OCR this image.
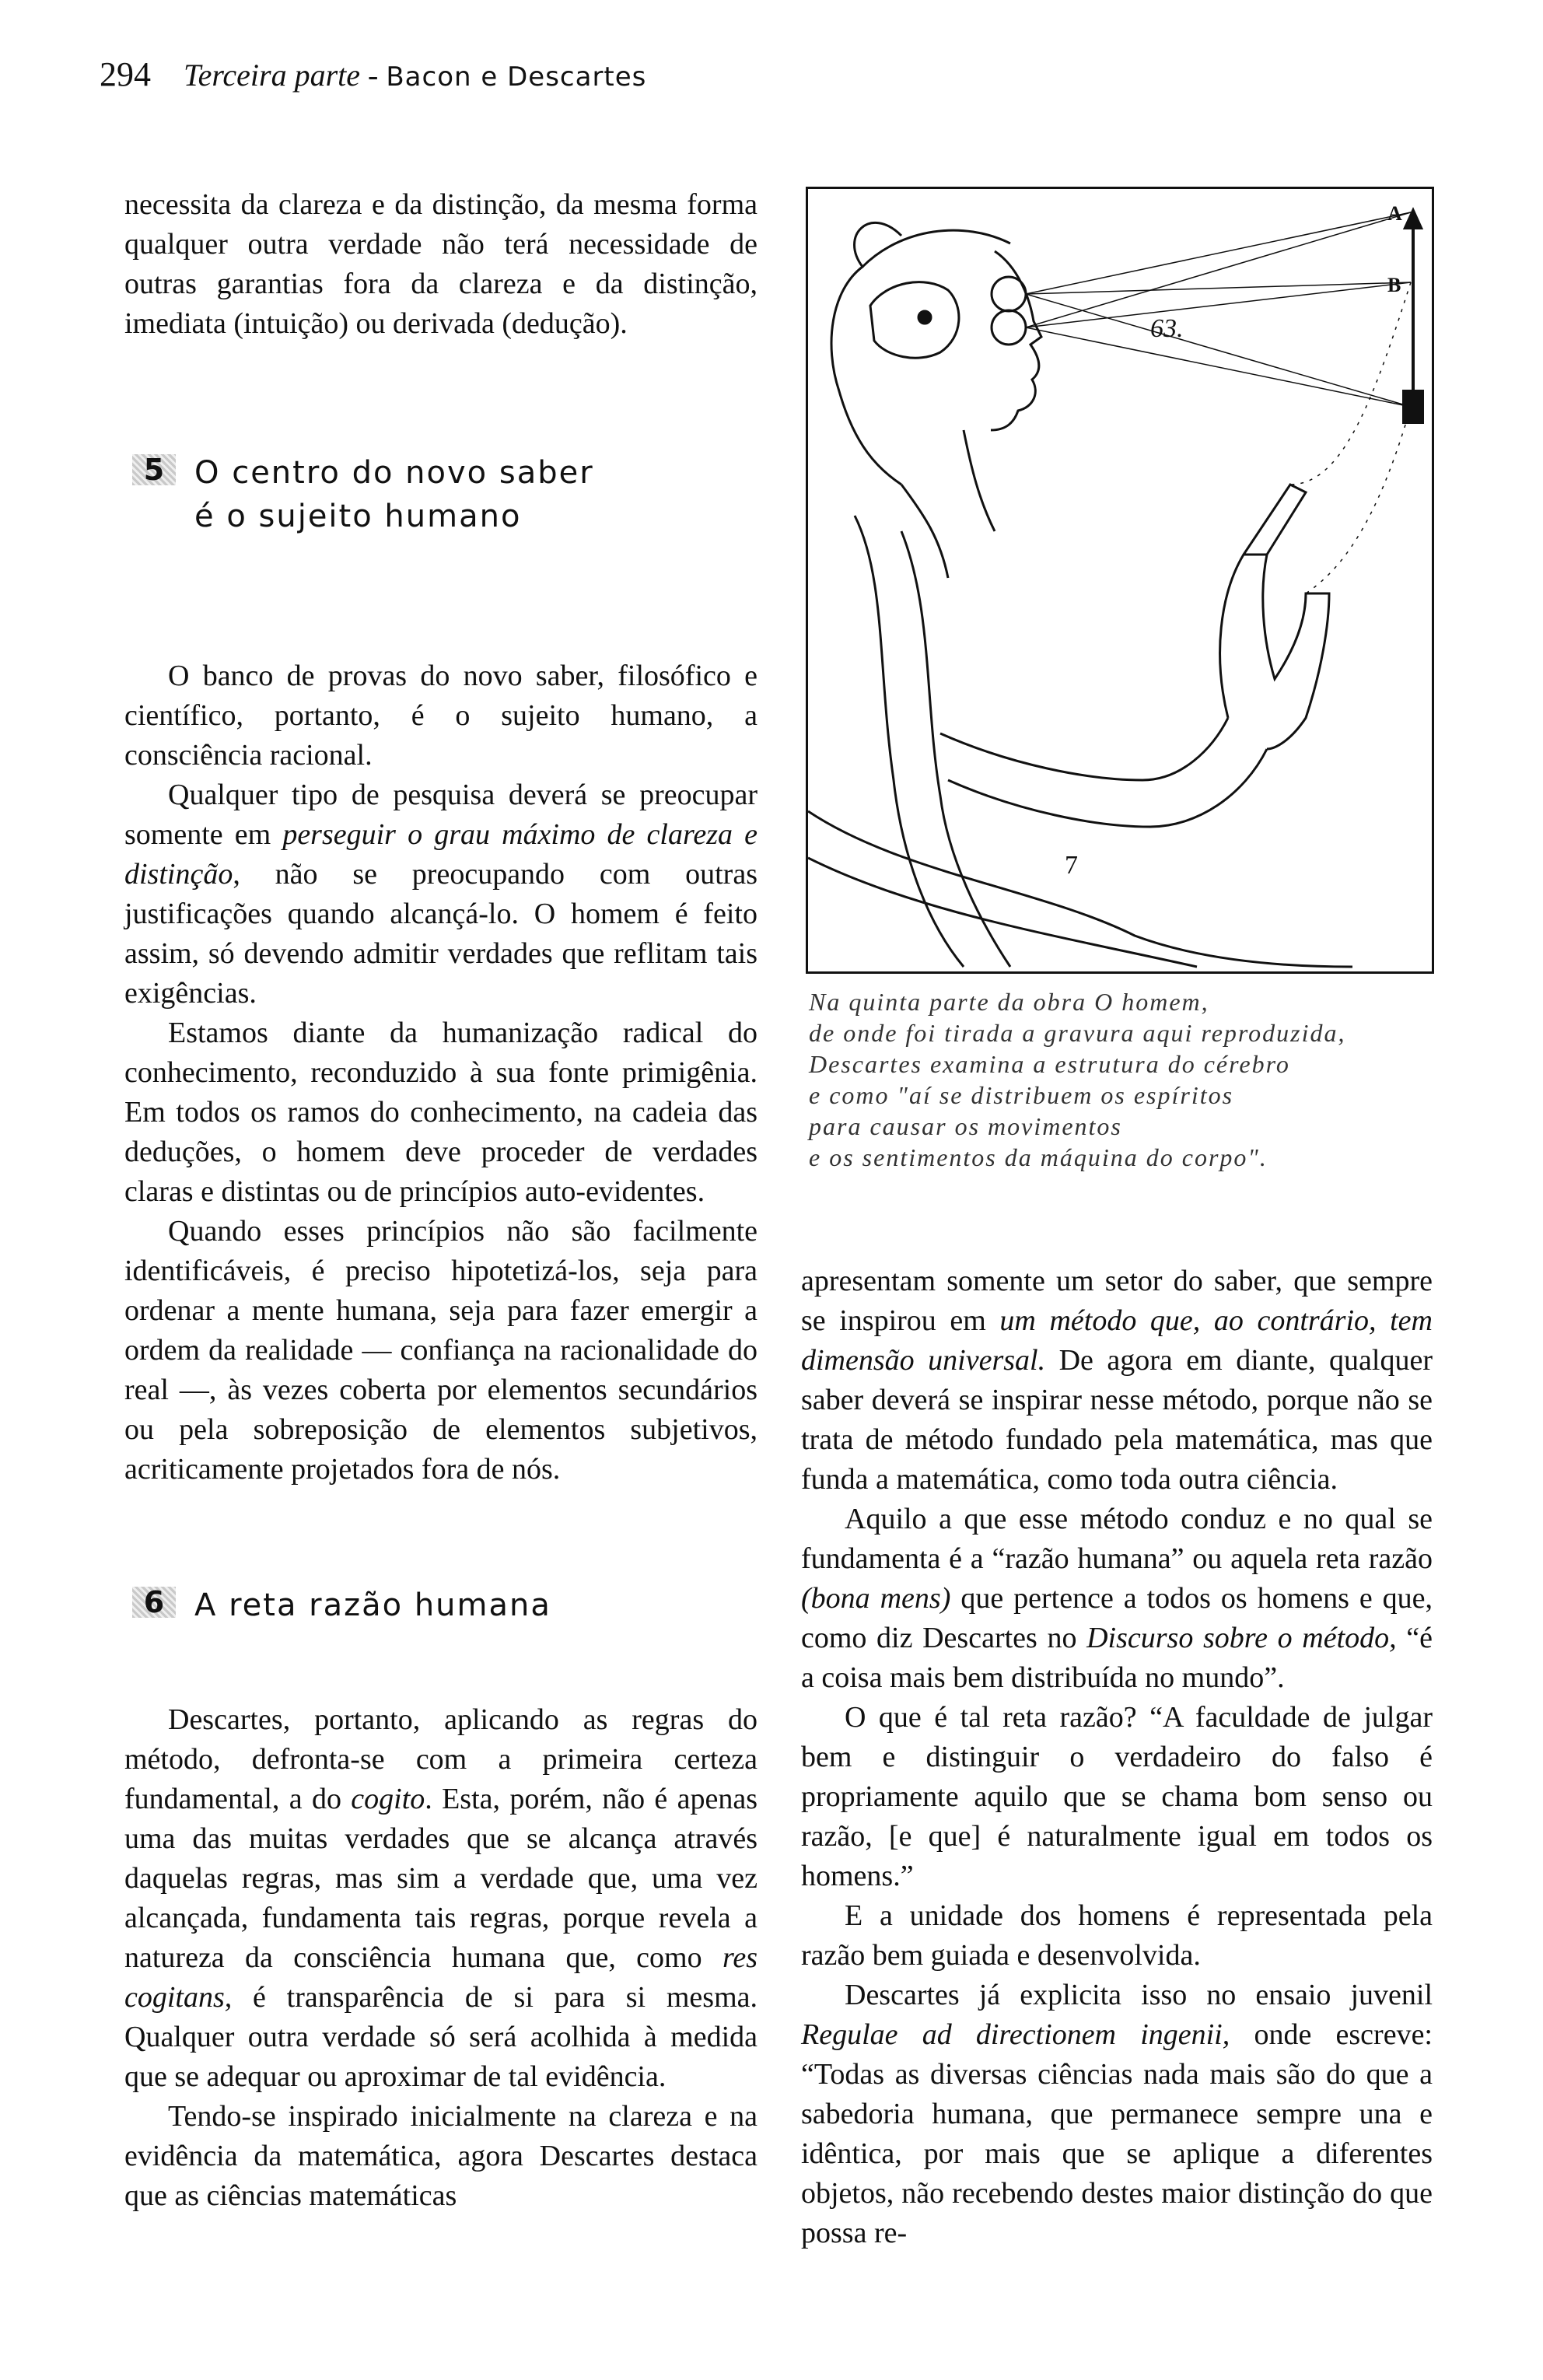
294 Terceira parte - Bacon e Descartes

necessita da clareza e da distinção, da mesma forma qualquer outra verdade não terá necessidade de outras garantias fora da clareza e da distinção, imediata (intuição) ou derivada (dedução).

5 O centro do novo saber
é o sujeito humano

O banco de provas do novo saber, filosófico e científico, portanto, é o sujeito humano, a consciência racional.

Qualquer tipo de pesquisa deverá se preocupar somente em perseguir o grau máximo de clareza e distinção, não se preocupando com outras justificações quando alcançá-lo. O homem é feito assim, só devendo admitir verdades que reflitam tais exigências.

Estamos diante da humanização radical do conhecimento, reconduzido à sua fonte primigênia. Em todos os ramos do conhecimento, na cadeia das deduções, o homem deve proceder de verdades claras e distintas ou de princípios auto-evidentes.

Quando esses princípios não são facilmente identificáveis, é preciso hipotetizá-los, seja para ordenar a mente humana, seja para fazer emergir a ordem da realidade — confiança na racionalidade do real —, às vezes coberta por elementos secundários ou pela sobreposição de elementos subjetivos, acriticamente projetados fora de nós.

6 A reta razão humana

Descartes, portanto, aplicando as regras do método, defronta-se com a primeira certeza fundamental, a do cogito. Esta, porém, não é apenas uma das muitas verdades que se alcança através daquelas regras, mas sim a verdade que, uma vez alcançada, fundamenta tais regras, porque revela a natureza da consciência humana que, como res cogitans, é transparência de si para si mesma. Qualquer outra verdade só será acolhida à medida que se adequar ou aproximar de tal evidência.

Tendo-se inspirado inicialmente na clareza e na evidência da matemática, agora Descartes destaca que as ciências matemáticas

A
B
63.
7

Na quinta parte da obra O homem,

de onde foi tirada a gravura aqui reproduzida,

Descartes examina a estrutura do cérebro

e como "aí se distribuem os espíritos

para causar os movimentos

e os sentimentos da máquina do corpo".

apresentam somente um setor do saber, que sempre se inspirou em um método que, ao contrário, tem dimensão universal. De agora em diante, qualquer saber deverá se inspirar nesse método, porque não se trata de método fundado pela matemática, mas que funda a matemática, como toda outra ciência.

Aquilo a que esse método conduz e no qual se fundamenta é a “razão humana” ou aquela reta razão (bona mens) que pertence a todos os homens e que, como diz Descartes no Discurso sobre o método, “é a coisa mais bem distribuída no mundo”.

O que é tal reta razão? “A faculdade de julgar bem e distinguir o verdadeiro do falso é propriamente aquilo que se chama bom senso ou razão, [e que] é naturalmente igual em todos os homens.”

E a unidade dos homens é representada pela razão bem guiada e desenvolvida.

Descartes já explicita isso no ensaio juvenil Regulae ad directionem ingenii, onde escreve: “Todas as diversas ciências nada mais são do que a sabedoria humana, que permanece sempre una e idêntica, por mais que se aplique a diferentes objetos, não recebendo destes maior distinção do que possa re-
